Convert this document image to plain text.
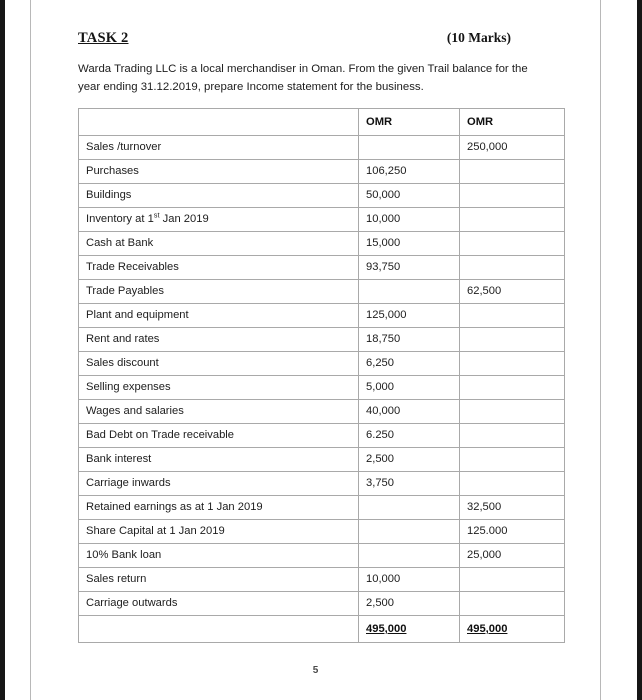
TASK 2	(10 Marks)
Warda Trading LLC is a local merchandiser in Oman. From the given Trail balance for the year ending 31.12.2019, prepare Income statement for the business.
	OMR	OMR
Sales /turnover		250,000
Purchases	106,250	
Buildings	50,000	
Inventory at 1st Jan 2019	10,000	
Cash at Bank	15,000	
Trade Receivables	93,750	
Trade Payables		62,500
Plant and equipment	125,000	
Rent and rates	18,750	
Sales discount	6,250	
Selling expenses	5,000	
Wages and salaries	40,000	
Bad Debt on Trade receivable	6.250	
Bank interest	2,500	
Carriage inwards	3,750	
Retained earnings as at 1 Jan 2019		32,500
Share Capital at 1 Jan 2019		125.000
10% Bank loan		25,000
Sales return	10,000	
Carriage outwards	2,500	
	495,000	495,000
5
